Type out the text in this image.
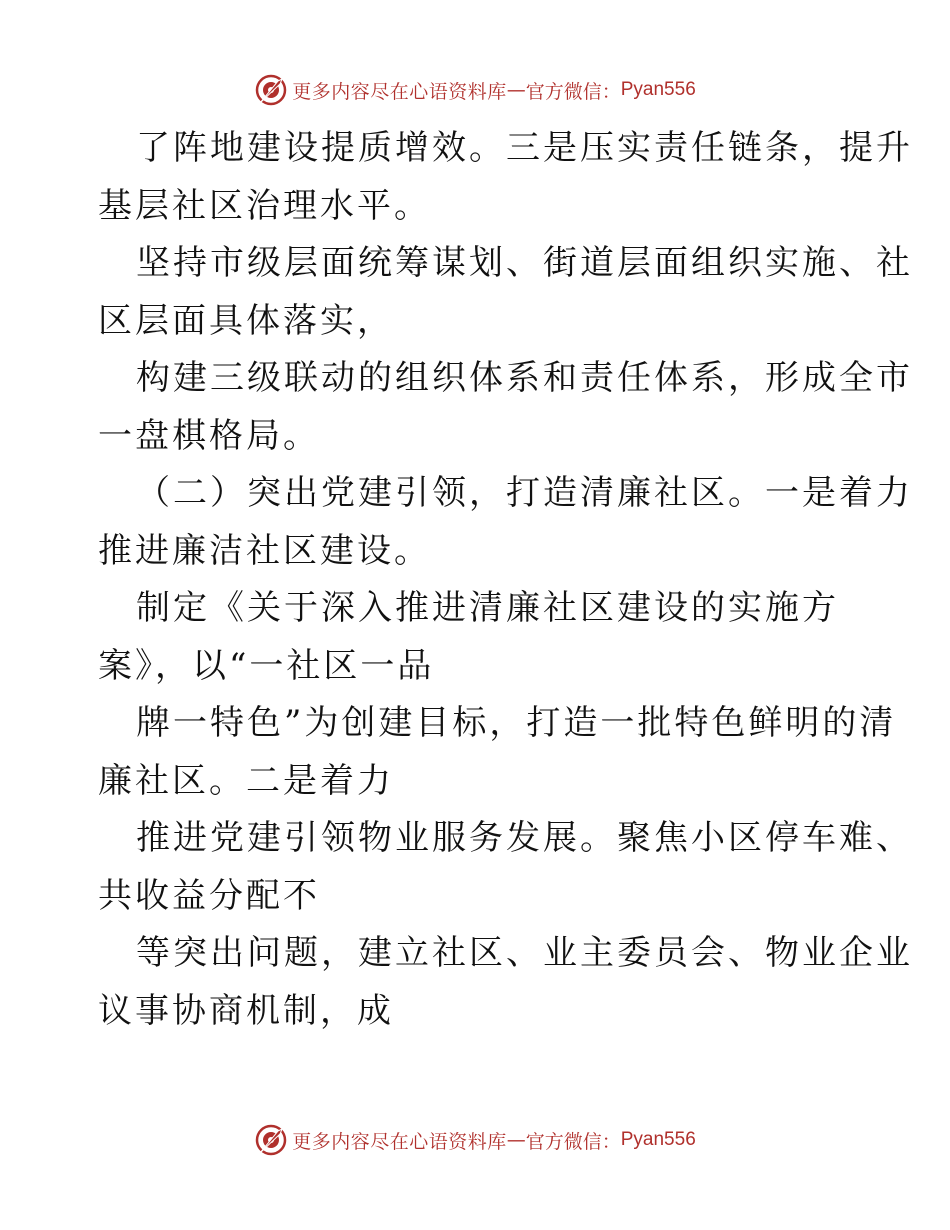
更多内容尽在心语资料库 — 官方微信： Pyan556
了阵地建设提质增效。三是压实责任链条，提升
基层社区治理水平。
坚持市级层面统筹谋划、街道层面组织实施、社
区层面具体落实，
构建三级联动的组织体系和责任体系，形成全市
一盘棋格局。
（二）突出党建引领，打造清廉社区。一是着力
推进廉洁社区建设。
制定《关于深入推进清廉社区建设的实施方
案》，以“一社区一品
牌一特色”为创建目标，打造一批特色鲜明的清
廉社区。二是着力
推进党建引领物业服务发展。聚焦小区停车难、
共收益分配不
等突出问题，建立社区、业主委员会、物业企业
议事协商机制，成
更多内容尽在心语资料库 — 官方微信： Pyan556
